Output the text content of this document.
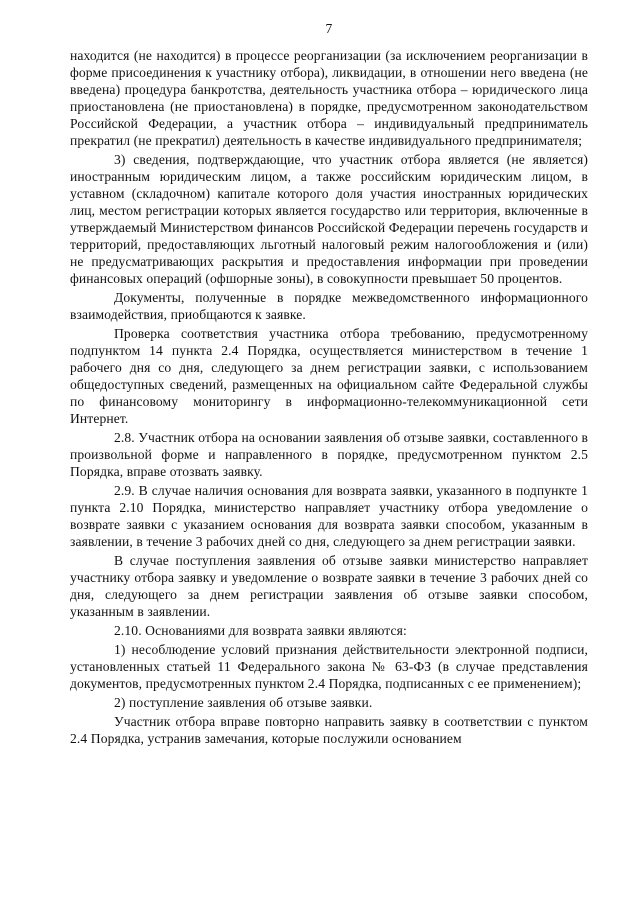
7

находится (не находится) в процессе реорганизации (за исключением реорганизации в форме присоединения к участнику отбора), ликвидации, в отношении него введена (не введена) процедура банкротства, деятельность участника отбора – юридического лица приостановлена (не приостановлена) в порядке, предусмотренном законодательством Российской Федерации, а участник отбора – индивидуальный предприниматель прекратил (не прекратил) деятельность в качестве индивидуального предпринимателя;

3) сведения, подтверждающие, что участник отбора является (не является) иностранным юридическим лицом, а также российским юридическим лицом, в уставном (складочном) капитале которого доля участия иностранных юридических лиц, местом регистрации которых является государство или территория, включенные в утверждаемый Министерством финансов Российской Федерации перечень государств и территорий, предоставляющих льготный налоговый режим налогообложения и (или) не предусматривающих раскрытия и предоставления информации при проведении финансовых операций (офшорные зоны), в совокупности превышает 50 процентов.

Документы, полученные в порядке межведомственного информационного взаимодействия, приобщаются к заявке.

Проверка соответствия участника отбора требованию, предусмотренному подпунктом 14 пункта 2.4 Порядка, осуществляется министерством в течение 1 рабочего дня со дня, следующего за днем регистрации заявки, с использованием общедоступных сведений, размещенных на официальном сайте Федеральной службы по финансовому мониторингу в информационно-телекоммуникационной сети Интернет.

2.8. Участник отбора на основании заявления об отзыве заявки, составленного в произвольной форме и направленного в порядке, предусмотренном пунктом 2.5 Порядка, вправе отозвать заявку.

2.9. В случае наличия основания для возврата заявки, указанного в подпункте 1 пункта 2.10 Порядка, министерство направляет участнику отбора уведомление о возврате заявки с указанием основания для возврата заявки способом, указанным в заявлении, в течение 3 рабочих дней со дня, следующего за днем регистрации заявки.

В случае поступления заявления об отзыве заявки министерство направляет участнику отбора заявку и уведомление о возврате заявки в течение 3 рабочих дней со дня, следующего за днем регистрации заявления об отзыве заявки способом, указанным в заявлении.

2.10. Основаниями для возврата заявки являются:

1) несоблюдение условий признания действительности электронной подписи, установленных статьей 11 Федерального закона № 63-ФЗ (в случае представления документов, предусмотренных пунктом 2.4 Порядка, подписанных с ее применением);

2) поступление заявления об отзыве заявки.

Участник отбора вправе повторно направить заявку в соответствии с пунктом 2.4 Порядка, устранив замечания, которые послужили основанием
